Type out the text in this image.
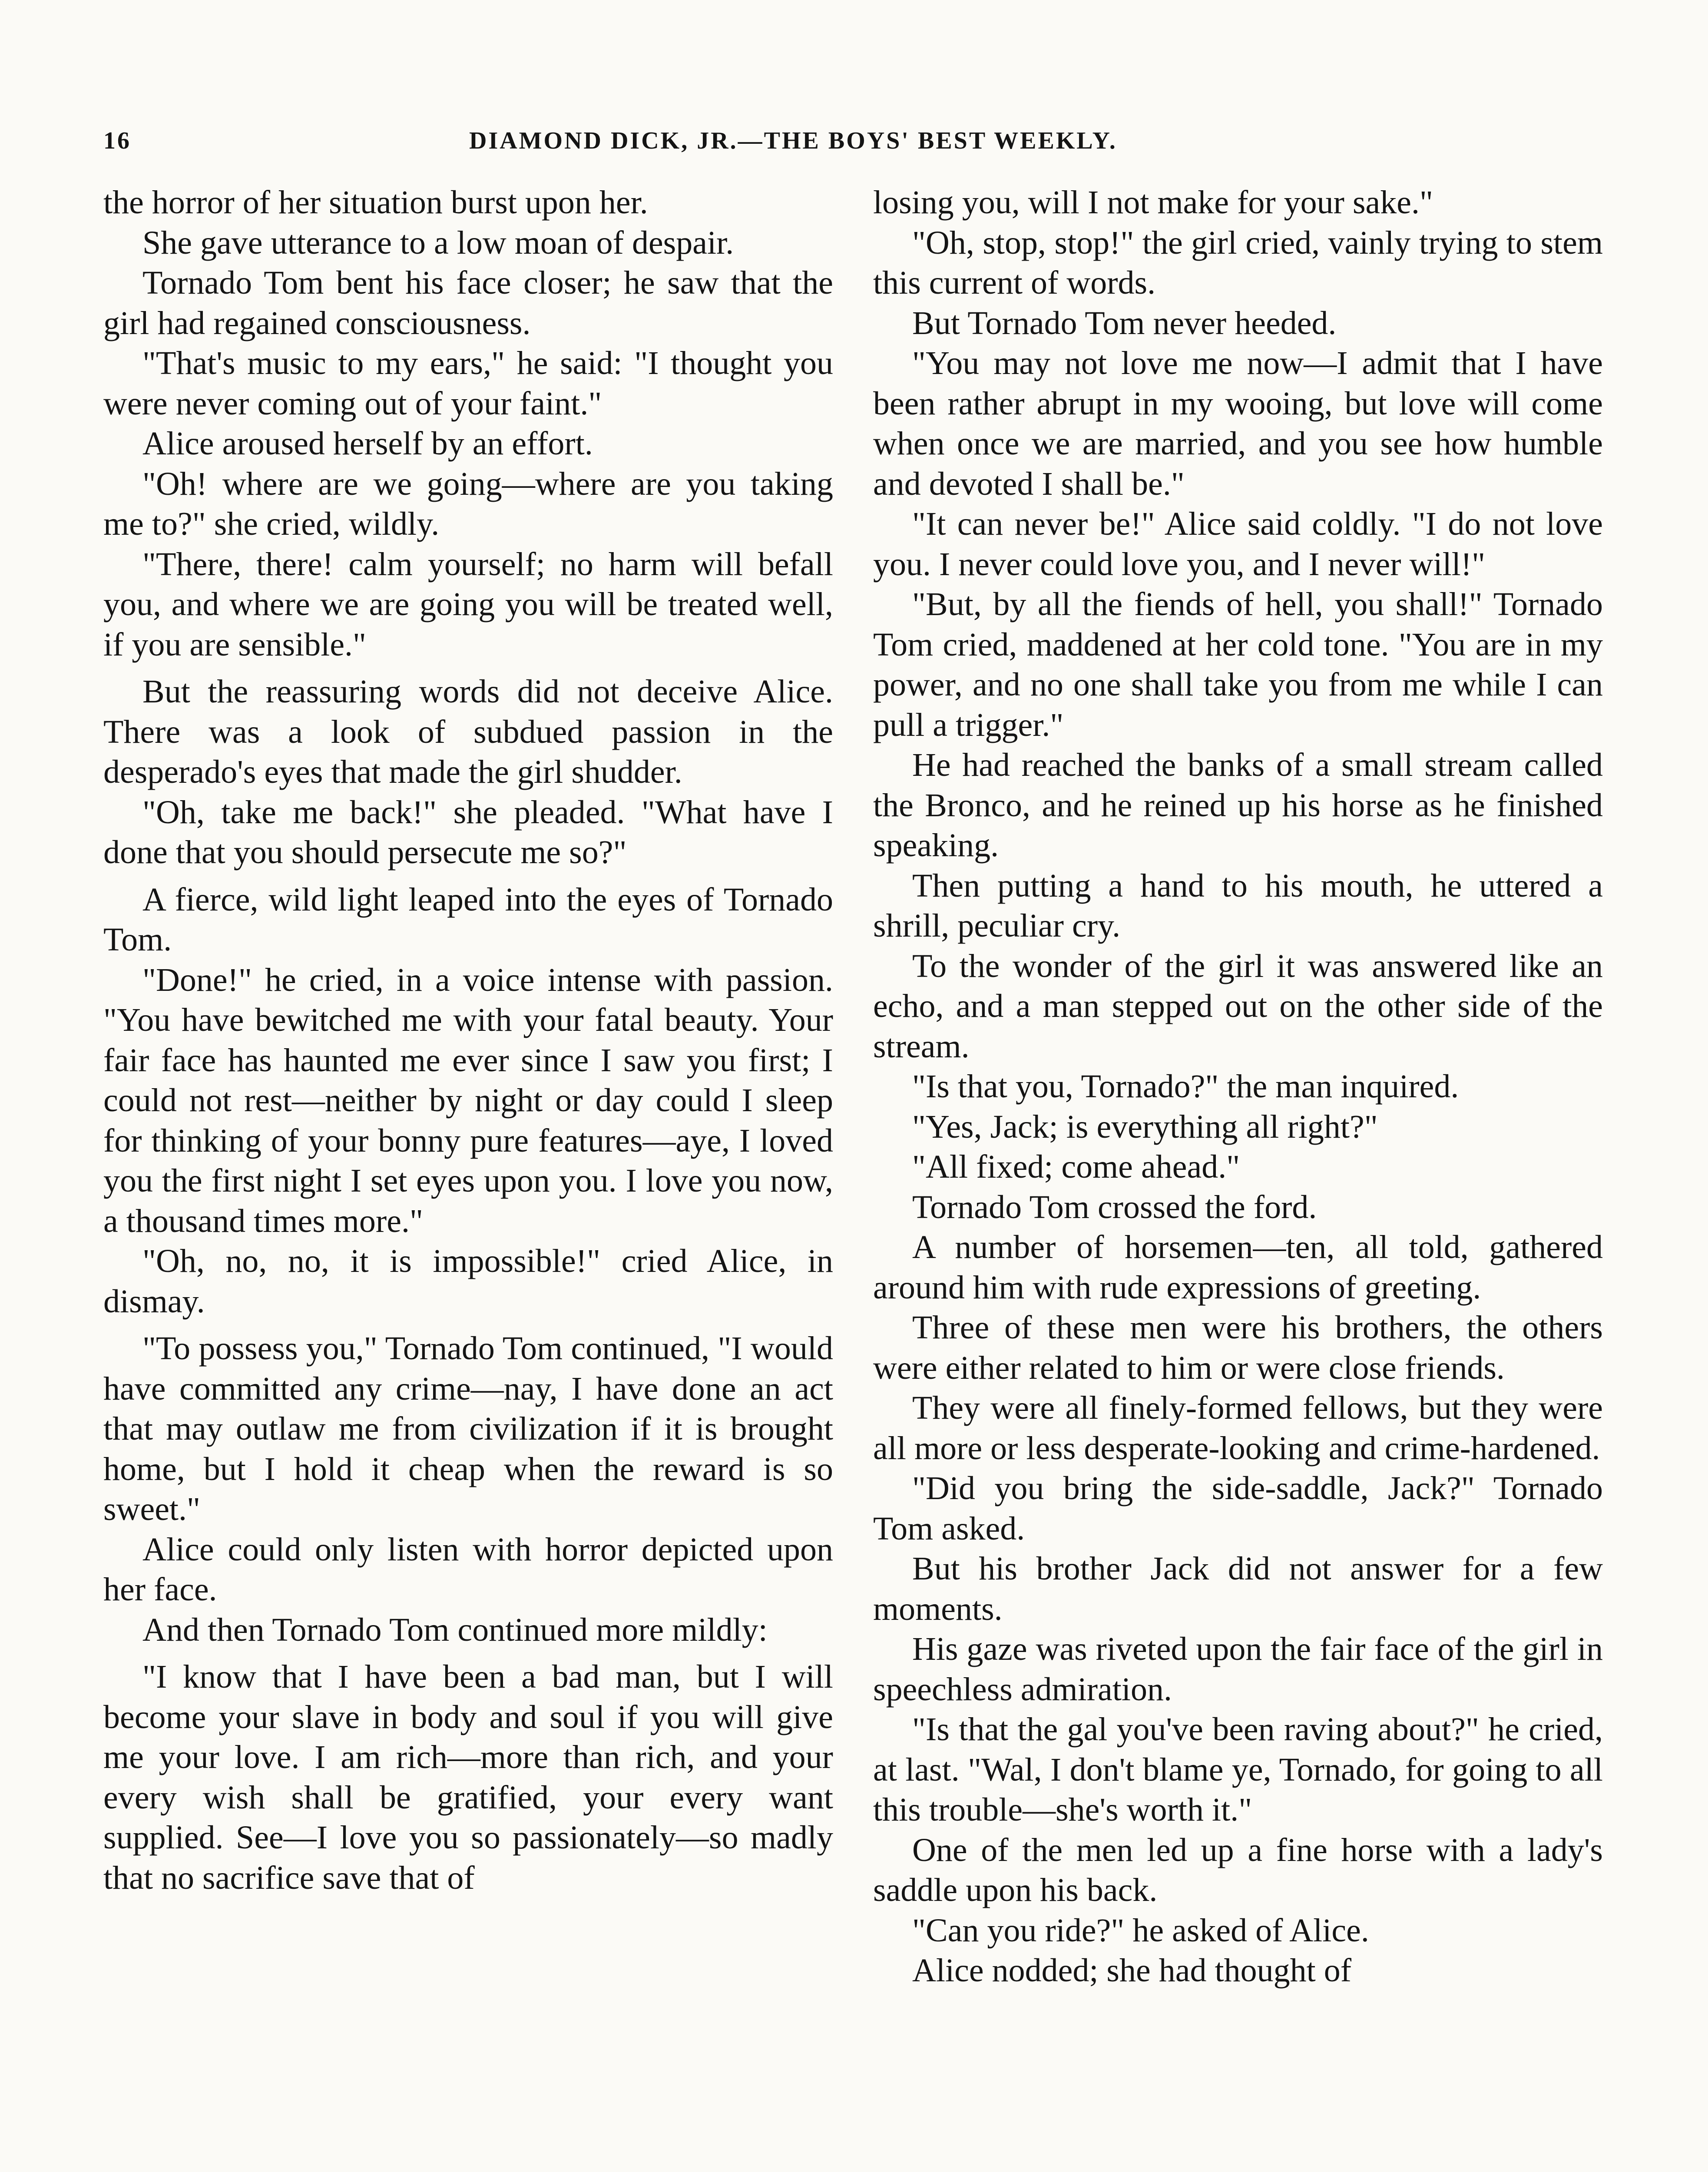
16	DIAMOND DICK, JR.—THE BOYS' BEST WEEKLY.

the horror of her situation burst upon her.

She gave utterance to a low moan of despair.

Tornado Tom bent his face closer; he saw that the girl had regained consciousness.

"That's music to my ears," he said: "I thought you were never coming out of your faint."

Alice aroused herself by an effort.

"Oh! where are we going—where are you taking me to?" she cried, wildly.

"There, there! calm yourself; no harm will befall you, and where we are going you will be treated well, if you are sensible."

But the reassuring words did not deceive Alice. There was a look of subdued passion in the desperado's eyes that made the girl shudder.

"Oh, take me back!" she pleaded. "What have I done that you should persecute me so?"

A fierce, wild light leaped into the eyes of Tornado Tom.

"Done!" he cried, in a voice intense with passion. "You have bewitched me with your fatal beauty. Your fair face has haunted me ever since I saw you first; I could not rest—neither by night or day could I sleep for thinking of your bonny pure features—aye, I loved you the first night I set eyes upon you. I love you now, a thousand times more."

"Oh, no, no, it is impossible!" cried Alice, in dismay.

"To possess you," Tornado Tom continued, "I would have committed any crime—nay, I have done an act that may outlaw me from civilization if it is brought home, but I hold it cheap when the reward is so sweet."

Alice could only listen with horror depicted upon her face.

And then Tornado Tom continued more mildly:

"I know that I have been a bad man, but I will become your slave in body and soul if you will give me your love. I am rich—more than rich, and your every wish shall be gratified, your every want supplied. See—I love you so passionately—so madly that no sacrifice save that of

losing you, will I not make for your sake."

"Oh, stop, stop!" the girl cried, vainly trying to stem this current of words.

But Tornado Tom never heeded.

"You may not love me now—I admit that I have been rather abrupt in my wooing, but love will come when once we are married, and you see how humble and devoted I shall be."

"It can never be!" Alice said coldly. "I do not love you. I never could love you, and I never will!"

"But, by all the fiends of hell, you shall!" Tornado Tom cried, maddened at her cold tone. "You are in my power, and no one shall take you from me while I can pull a trigger."

He had reached the banks of a small stream called the Bronco, and he reined up his horse as he finished speaking.

Then putting a hand to his mouth, he uttered a shrill, peculiar cry.

To the wonder of the girl it was answered like an echo, and a man stepped out on the other side of the stream.

"Is that you, Tornado?" the man inquired.

"Yes, Jack; is everything all right?"

"All fixed; come ahead."

Tornado Tom crossed the ford.

A number of horsemen—ten, all told, gathered around him with rude expressions of greeting.

Three of these men were his brothers, the others were either related to him or were close friends.

They were all finely-formed fellows, but they were all more or less desperate-looking and crime-hardened.

"Did you bring the side-saddle, Jack?" Tornado Tom asked.

But his brother Jack did not answer for a few moments.

His gaze was riveted upon the fair face of the girl in speechless admiration.

"Is that the gal you've been raving about?" he cried, at last. "Wal, I don't blame ye, Tornado, for going to all this trouble—she's worth it."

One of the men led up a fine horse with a lady's saddle upon his back.

"Can you ride?" he asked of Alice.

Alice nodded; she had thought of
